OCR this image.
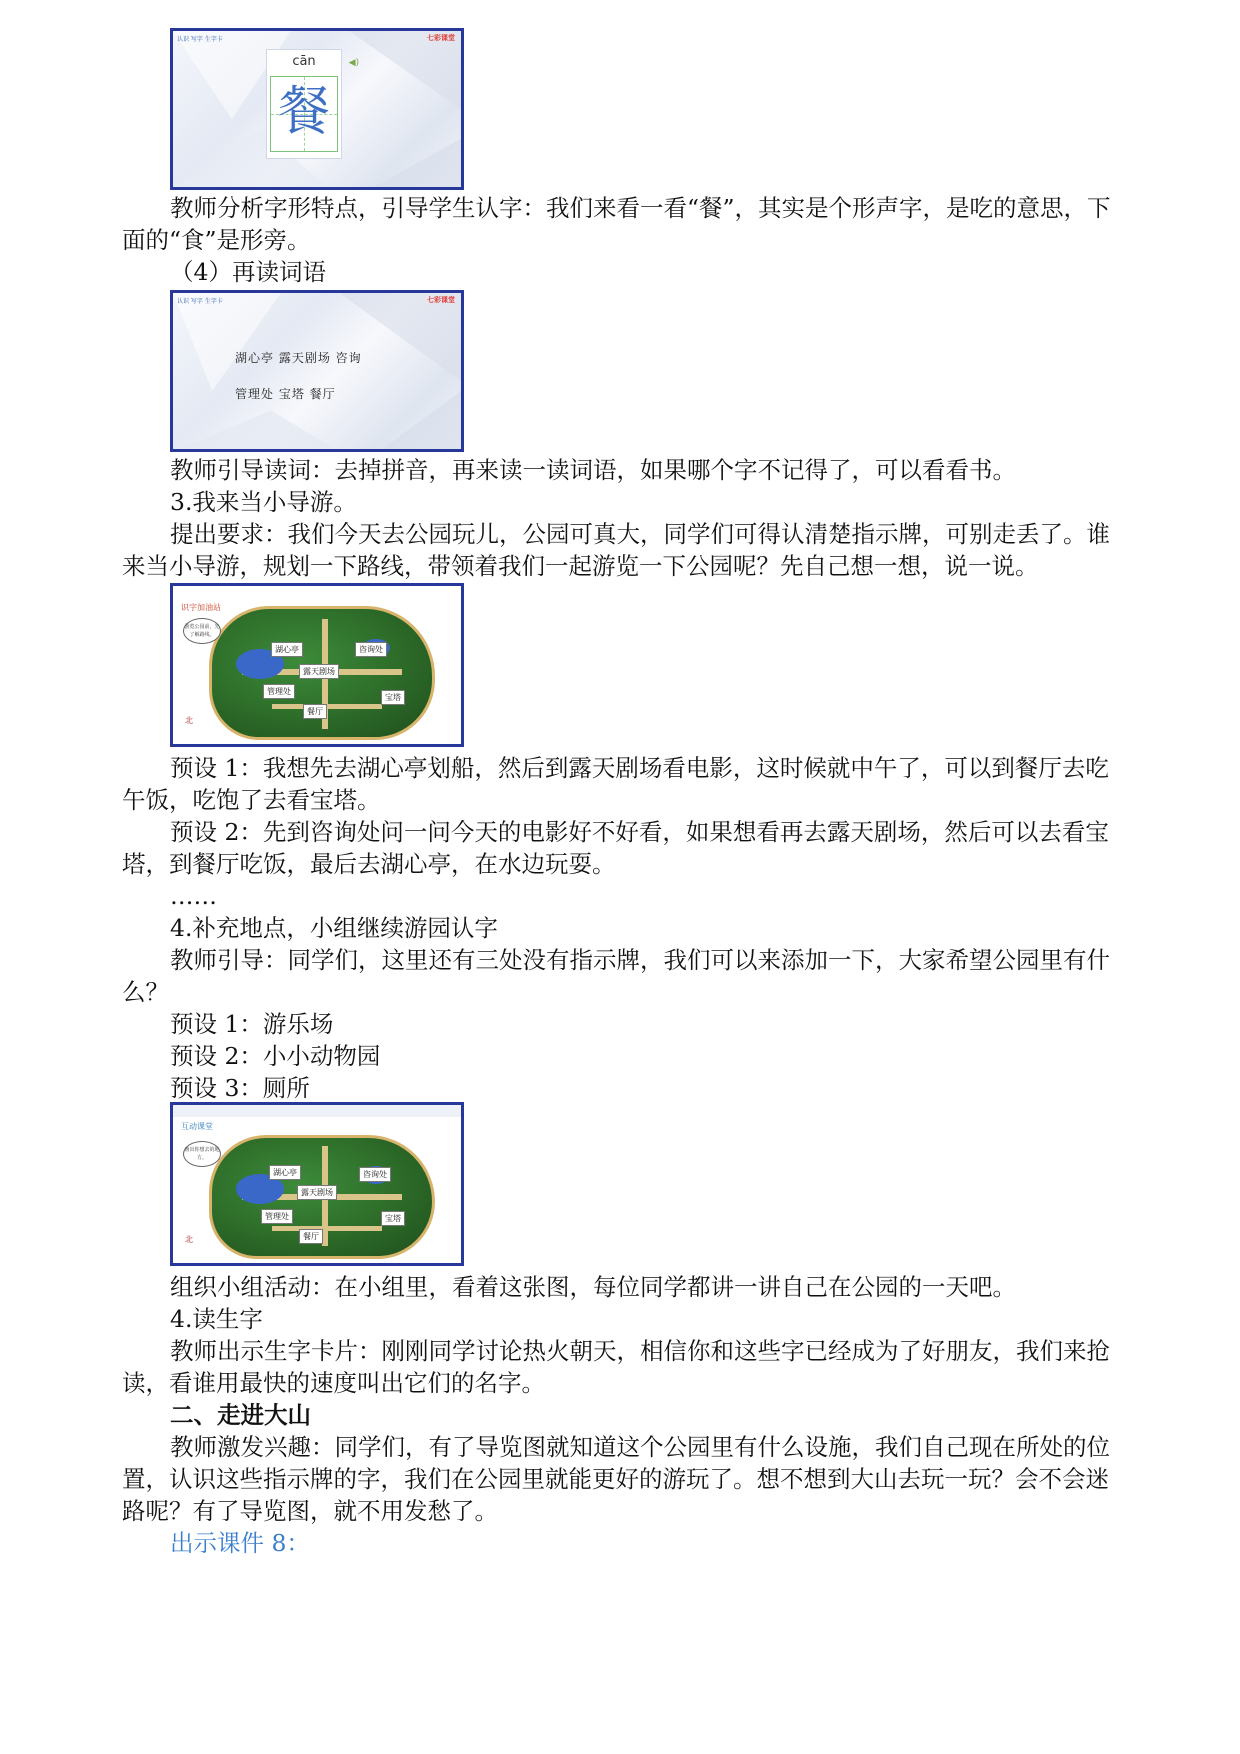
认识 写字 生字卡	七彩课堂
cān	◀)
餐

教师分析字形特点，引导学生认字：我们来看一看“餐”，其实是个形声字，是吃的意思，下面的“食”是形旁。

（4）再读词语

认识 写字 生字卡	七彩课堂
湖心亭 露天剧场 咨询
管理处 宝塔 餐厅

教师引导读词：去掉拼音，再来读一读词语，如果哪个字不记得了，可以看看书。

3.我来当小导游。

提出要求：我们今天去公园玩儿，公园可真大，同学们可得认清楚指示牌，可别走丢了。谁来当小导游，规划一下路线，带领着我们一起游览一下公园呢？先自己想一想，说一说。

识字加油站
游览公园前，先了解路线。
湖心亭	咨询处
露天剧场
管理处
宝塔
餐厅
北

预设 1：我想先去湖心亭划船，然后到露天剧场看电影，这时候就中午了，可以到餐厅去吃午饭，吃饱了去看宝塔。

预设 2：先到咨询处问一问今天的电影好不好看，如果想看再去露天剧场，然后可以去看宝塔，到餐厅吃饭，最后去湖心亭，在水边玩耍。

……

4.补充地点，小组继续游园认字

教师引导：同学们，这里还有三处没有指示牌，我们可以来添加一下，大家希望公园里有什么？

预设 1：游乐场

预设 2：小小动物园

预设 3：厕所

互动课堂
画出你想去的地方。
湖心亭	咨询处
露天剧场
管理处	宝塔
餐厅
北

组织小组活动：在小组里，看着这张图，每位同学都讲一讲自己在公园的一天吧。

4.读生字

教师出示生字卡片：刚刚同学讨论热火朝天，相信你和这些字已经成为了好朋友，我们来抢读，看谁用最快的速度叫出它们的名字。

二、走进大山

教师激发兴趣：同学们，有了导览图就知道这个公园里有什么设施，我们自己现在所处的位置，认识这些指示牌的字，我们在公园里就能更好的游玩了。想不想到大山去玩一玩？会不会迷路呢？有了导览图，就不用发愁了。

出示课件 8：
